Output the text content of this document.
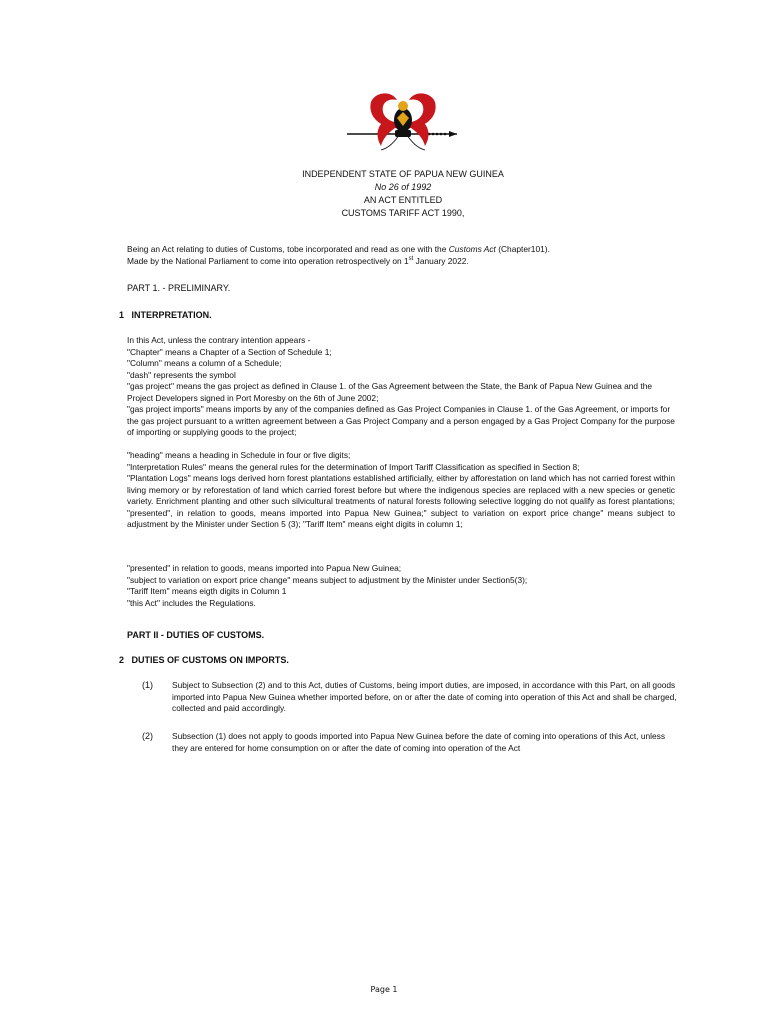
INDEPENDENT STATE OF PAPUA NEW GUINEA
No 26 of 1992
AN ACT ENTITLED
CUSTOMS TARIFF ACT 1990,

Being an Act relating to duties of Customs, tobe incorporated and read as one with the Customs Act (Chapter101).

Made by the National Parliament to come into operation retrospectively on 1st January 2022.

PART 1. - PRELIMINARY.
1 INTERPRETATION.

In this Act, unless the contrary intention appears -

"Chapter" means a Chapter of a Section of Schedule 1;

"Column" means a column of a Schedule;

"dash" represents the symbol

"gas project" means the gas project as defined in Clause 1. of the Gas Agreement between the State, the Bank of Papua New Guinea and the Project Developers signed in Port Moresby on the 6th of June 2002;

"gas project imports" means imports by any of the companies defined as Gas Project Companies in Clause 1. of the Gas Agreement, or imports for the gas project pursuant to a written agreement between a Gas Project Company and a person engaged by a Gas Project Company for the purpose of importing or supplying goods to the project;

"heading" means a heading in Schedule in four or five digits;

"Interpretation Rules" means the general rules for the determination of Import Tariff Classification as specified in Section 8;

"Plantation Logs" means logs derived horn forest plantations established artificially, either by afforestation on land which has not carried forest within living memory or by reforestation of land which carried forest before but where the indigenous species are replaced with a new species or genetic variety. Enrichment planting and other such silvicultural treatments of natural forests following selective logging do not qualify as forest plantations; "presented", in relation to goods, means imported into Papua New Guinea;" subject to variation on export price change" means subject to adjustment by the Minister under Section 5 (3); "Tariff Item" means eight digits in column 1;

"presented" in relation to goods, means imported into Papua New Guinea;

"subject to variation on export price change" means subject to adjustment by the Minister under Section5(3);

"Tariff Item" means eigth digits in Column 1

"this Act" includes the Regulations.

PART II - DUTIES OF CUSTOMS.
2 DUTIES OF CUSTOMS ON IMPORTS.
(1)	Subject to Subsection (2) and to this Act, duties of Customs, being import duties, are imposed, in accordance with this Part, on all goods imported into Papua New Guinea whether imported before, on or after the date of coming into operation of this Act and shall be charged, collected and paid accordingly.
(2)	Subsection (1) does not apply to goods imported into Papua New Guinea before the date of coming into operations of this Act, unless they are entered for home consumption on or after the date of coming into operation of the Act
Page 1
